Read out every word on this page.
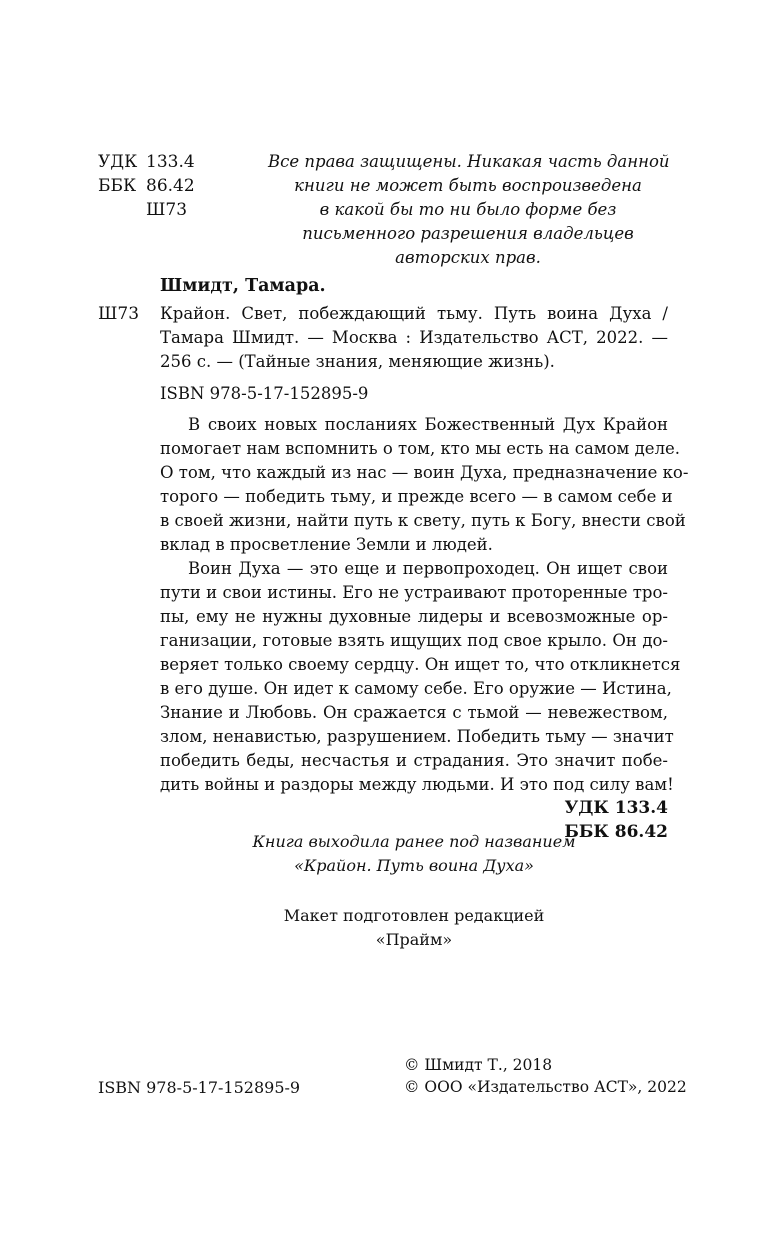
УДК 133.4
ББК 86.42
Ш73
Все права защищены. Никакая часть данной
книги не может быть воспроизведена
в какой бы то ни было форме без
письменного разрешения владельцев
авторских прав.
Шмидт, Тамара.
Ш73 Крайон. Свет, побеждающий тьму. Путь воина Духа /
Тамара Шмидт. — Москва : Издательство АСТ, 2022. —
256 с. — (Тайные знания, меняющие жизнь).
ISBN 978-5-17-152895-9
В своих новых посланиях Божественный Дух Крайон
помогает нам вспомнить о том, кто мы есть на самом деле.
О том, что каждый из нас — воин Духа, предназначение ко-
торого — победить тьму, и прежде всего — в самом себе и
в своей жизни, найти путь к свету, путь к Богу, внести свой
вклад в просветление Земли и людей.
Воин Духа — это еще и первопроходец. Он ищет свои
пути и свои истины. Его не устраивают проторенные тро-
пы, ему не нужны духовные лидеры и всевозможные ор-
ганизации, готовые взять ищущих под свое крыло. Он до-
веряет только своему сердцу. Он ищет то, что откликнется
в его душе. Он идет к самому себе. Его оружие — Истина,
Знание и Любовь. Он сражается с тьмой — невежеством,
злом, ненавистью, разрушением. Победить тьму — значит
победить беды, несчастья и страдания. Это значит побе-
дить войны и раздоры между людьми. И это под силу вам!
УДК 133.4
ББК 86.42
Книга выходила ранее под названием
«Крайон. Путь воина Духа»
Макет подготовлен редакцией
«Прайм»
ISBN 978-5-17-152895-9
© Шмидт Т., 2018
© ООО «Издательство АСТ», 2022
